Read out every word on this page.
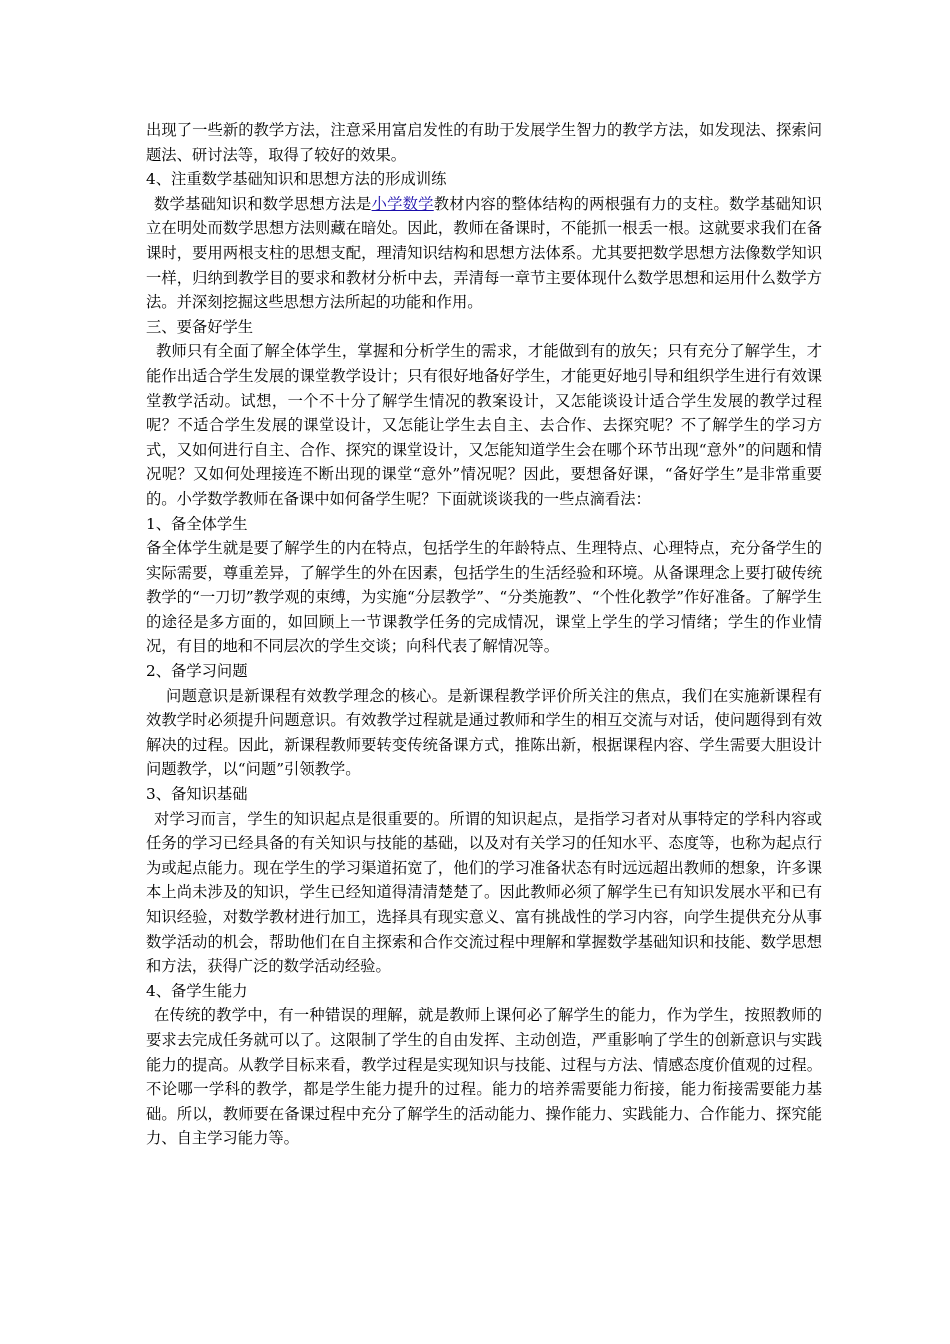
出现了一些新的教学方法，注意采用富启发性的有助于发展学生智力的教学方法，如发现法、探索问题法、研讨法等，取得了较好的效果。

4、注重数学基础知识和思想方法的形成训练

数学基础知识和数学思想方法是小学数学教材内容的整体结构的两根强有力的支柱。数学基础知识立在明处而数学思想方法则藏在暗处。因此，教师在备课时，不能抓一根丢一根。这就要求我们在备课时，要用两根支柱的思想支配，理清知识结构和思想方法体系。尤其要把数学思想方法像数学知识一样，归纳到教学目的要求和教材分析中去，弄清每一章节主要体现什么数学思想和运用什么数学方法。并深刻挖掘这些思想方法所起的功能和作用。

三、要备好学生

教师只有全面了解全体学生，掌握和分析学生的需求，才能做到有的放矢；只有充分了解学生，才能作出适合学生发展的课堂教学设计；只有很好地备好学生，才能更好地引导和组织学生进行有效课堂教学活动。试想，一个不十分了解学生情况的教案设计，又怎能谈设计适合学生发展的教学过程呢？不适合学生发展的课堂设计，又怎能让学生去自主、去合作、去探究呢？不了解学生的学习方式，又如何进行自主、合作、探究的课堂设计，又怎能知道学生会在哪个环节出现“意外”的问题和情况呢？又如何处理接连不断出现的课堂“意外”情况呢？因此，要想备好课，“备好学生”是非常重要的。小学数学教师在备课中如何备学生呢？下面就谈谈我的一些点滴看法：

1、备全体学生

备全体学生就是要了解学生的内在特点，包括学生的年龄特点、生理特点、心理特点，充分备学生的实际需要，尊重差异，了解学生的外在因素，包括学生的生活经验和环境。从备课理念上要打破传统教学的“一刀切”教学观的束缚，为实施“分层教学”、“分类施教”、“个性化教学”作好准备。了解学生的途径是多方面的，如回顾上一节课教学任务的完成情况，课堂上学生的学习情绪；学生的作业情况，有目的地和不同层次的学生交谈；向科代表了解情况等。

2、备学习问题

问题意识是新课程有效教学理念的核心。是新课程教学评价所关注的焦点，我们在实施新课程有效教学时必须提升问题意识。有效教学过程就是通过教师和学生的相互交流与对话，使问题得到有效解决的过程。因此，新课程教师要转变传统备课方式，推陈出新，根据课程内容、学生需要大胆设计问题教学，以“问题”引领教学。

3、备知识基础

对学习而言，学生的知识起点是很重要的。所谓的知识起点，是指学习者对从事特定的学科内容或任务的学习已经具备的有关知识与技能的基础，以及对有关学习的任知水平、态度等，也称为起点行为或起点能力。现在学生的学习渠道拓宽了，他们的学习准备状态有时远远超出教师的想象，许多课本上尚未涉及的知识，学生已经知道得清清楚楚了。因此教师必须了解学生已有知识发展水平和已有知识经验，对数学教材进行加工，选择具有现实意义、富有挑战性的学习内容，向学生提供充分从事数学活动的机会，帮助他们在自主探索和合作交流过程中理解和掌握数学基础知识和技能、数学思想和方法，获得广泛的数学活动经验。

4、备学生能力

在传统的教学中，有一种错误的理解，就是教师上课何必了解学生的能力，作为学生，按照教师的要求去完成任务就可以了。这限制了学生的自由发挥、主动创造，严重影响了学生的创新意识与实践能力的提高。从教学目标来看，教学过程是实现知识与技能、过程与方法、情感态度价值观的过程。不论哪一学科的教学，都是学生能力提升的过程。能力的培养需要能力衔接，能力衔接需要能力基础。所以，教师要在备课过程中充分了解学生的活动能力、操作能力、实践能力、合作能力、探究能力、自主学习能力等。
